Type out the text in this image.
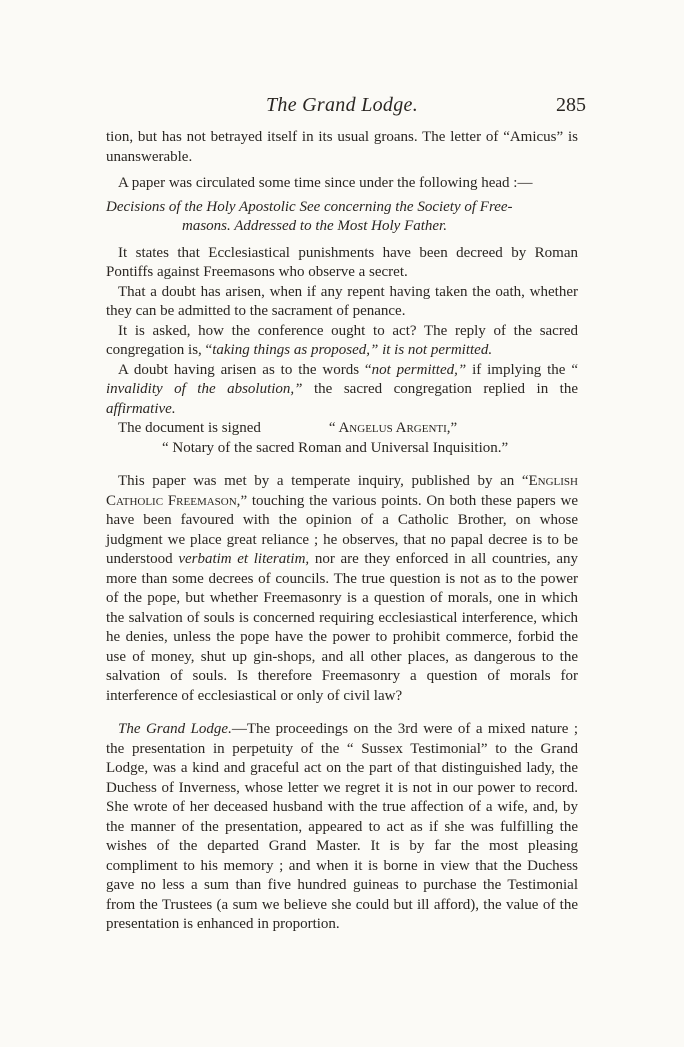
The Grand Lodge.	285

tion, but has not betrayed itself in its usual groans. The letter of “Amicus” is unanswerable.

A paper was circulated some time since under the following head :—

Decisions of the Holy Apostolic See concerning the Society of Free-
masons. Addressed to the Most Holy Father.

It states that Ecclesiastical punishments have been decreed by Roman Pontiffs against Freemasons who observe a secret.

That a doubt has arisen, when if any repent having taken the oath, whether they can be admitted to the sacrament of penance.

It is asked, how the conference ought to act? The reply of the sacred congregation is, “taking things as proposed,” it is not permitted.

A doubt having arisen as to the words “not permitted,” if implying the “ invalidity of the absolution,” the sacred congregation replied in the affirmative.

The document is signed	“ Angelus Argenti,”

“ Notary of the sacred Roman and Universal Inquisition.”

This paper was met by a temperate inquiry, published by an “English Catholic Freemason,” touching the various points. On both these papers we have been favoured with the opinion of a Catholic Brother, on whose judgment we place great reliance ; he observes, that no papal decree is to be understood verbatim et literatim, nor are they enforced in all countries, any more than some decrees of councils. The true question is not as to the power of the pope, but whether Freemasonry is a question of morals, one in which the salvation of souls is concerned requiring ecclesiastical interference, which he denies, unless the pope have the power to prohibit commerce, forbid the use of money, shut up gin-shops, and all other places, as dangerous to the salvation of souls. Is therefore Freemasonry a question of morals for interference of ecclesiastical or only of civil law?

The Grand Lodge.—The proceedings on the 3rd were of a mixed nature ; the presentation in perpetuity of the “ Sussex Testimonial” to the Grand Lodge, was a kind and graceful act on the part of that distinguished lady, the Duchess of Inverness, whose letter we regret it is not in our power to record. She wrote of her deceased husband with the true affection of a wife, and, by the manner of the presentation, appeared to act as if she was fulfilling the wishes of the departed Grand Master. It is by far the most pleasing compliment to his memory ; and when it is borne in view that the Duchess gave no less a sum than five hundred guineas to purchase the Testimonial from the Trustees (a sum we believe she could but ill afford), the value of the presentation is enhanced in proportion.
